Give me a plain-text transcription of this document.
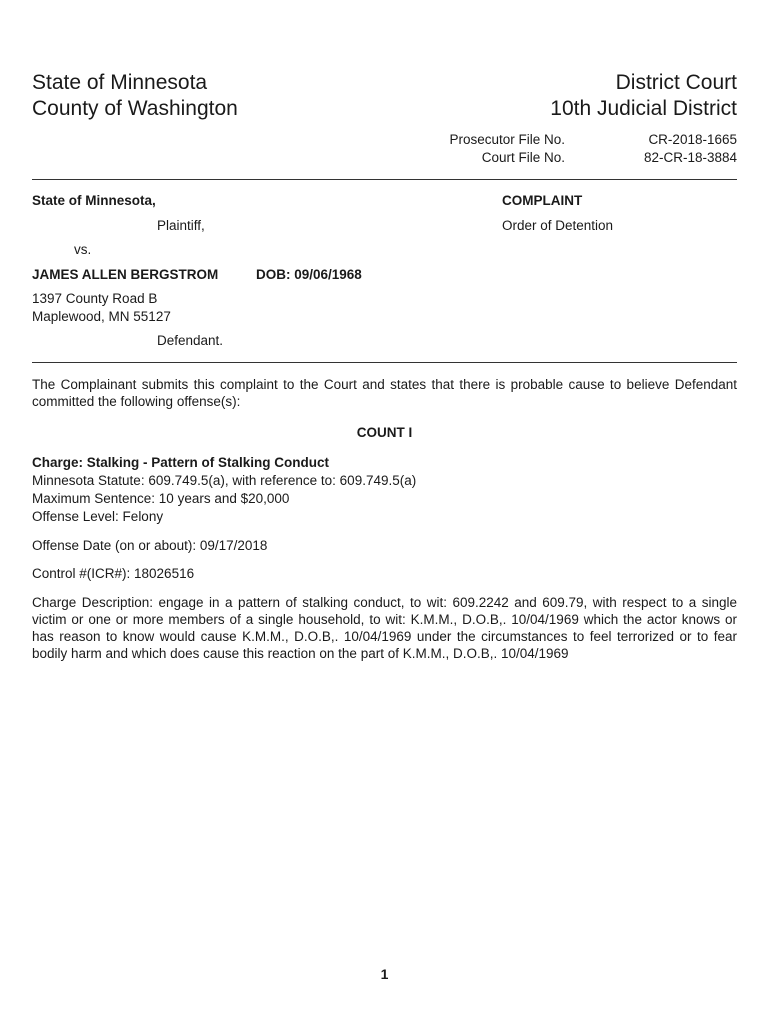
State of Minnesota
County of Washington
District Court
10th Judicial District
Prosecutor File No.	CR-2018-1665
Court File No.	82-CR-18-3884
State of Minnesota,
Plaintiff,
vs.
JAMES ALLEN BERGSTROM	DOB: 09/06/1968
1397 County Road B
Maplewood, MN 55127
Defendant.
COMPLAINT
Order of Detention
The Complainant submits this complaint to the Court and states that there is probable cause to believe Defendant committed the following offense(s):
COUNT I
Charge: Stalking - Pattern of Stalking Conduct
Minnesota Statute: 609.749.5(a), with reference to: 609.749.5(a)
Maximum Sentence: 10 years and $20,000
Offense Level: Felony
Offense Date (on or about): 09/17/2018
Control #(ICR#): 18026516
Charge Description: engage in a pattern of stalking conduct, to wit: 609.2242 and 609.79, with respect to a single victim or one or more members of a single household, to wit: K.M.M., D.O.B,. 10/04/1969 which the actor knows or has reason to know would cause K.M.M., D.O.B,. 10/04/1969 under the circumstances to feel terrorized or to fear bodily harm and which does cause this reaction on the part of K.M.M., D.O.B,. 10/04/1969
1
